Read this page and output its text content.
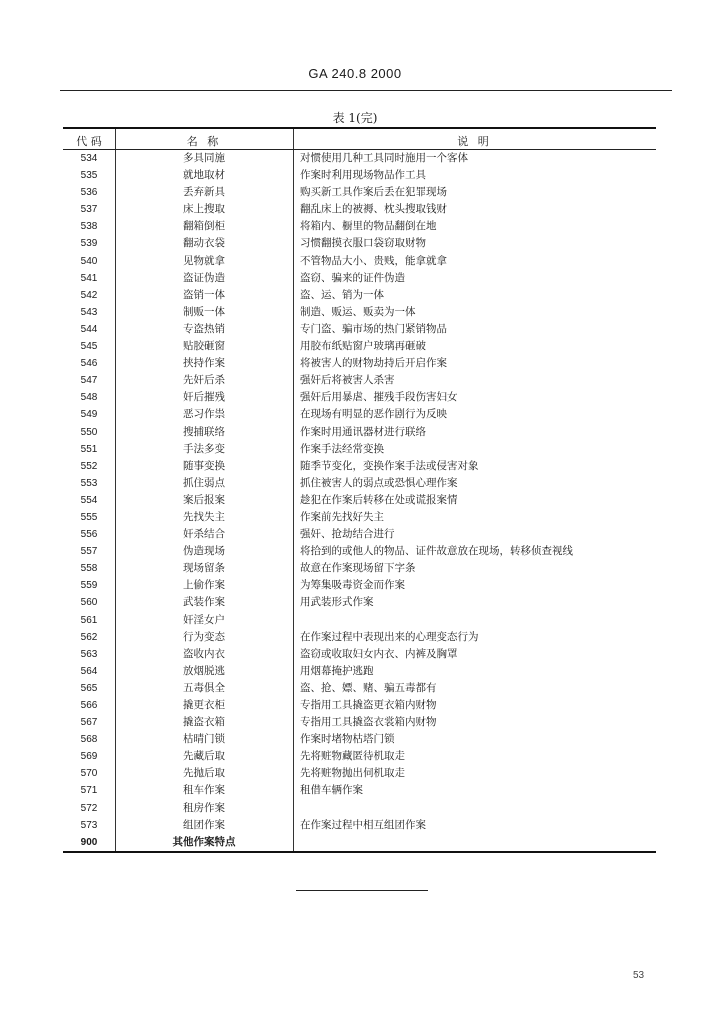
GA 240.8 2000
表 1(完)
代 码	名 称	说 明
534	多具同施	对惯使用几种工具同时施用一个客体
535	就地取材	作案时利用现场物品作工具
536	丢弃新具	购买新工具作案后丢在犯罪现场
537	床上搜取	翻乱床上的被褥、枕头搜取钱财
538	翻箱倒柜	将箱内、橱里的物品翻倒在地
539	翻动衣袋	习惯翻摸衣服口袋窃取财物
540	见物就拿	不管物品大小、贵贱，能拿就拿
541	盗证伪造	盗窃、骗来的证件伪造
542	盗销一体	盗、运、销为一体
543	制贩一体	制造、贩运、贩卖为一体
544	专盗热销	专门盗、骗市场的热门紧销物品
545	贴胶砸窗	用胶布纸贴窗户玻璃再砸破
546	挟持作案	将被害人的财物劫持后开启作案
547	先奸后杀	强奸后将被害人杀害
548	奸后摧残	强奸后用暴虐、摧残手段伤害妇女
549	恶习作祟	在现场有明显的恶作剧行为反映
550	搜捕联络	作案时用通讯器材进行联络
551	手法多变	作案手法经常变换
552	随事变换	随季节变化，变换作案手法或侵害对象
553	抓住弱点	抓住被害人的弱点或恐惧心理作案
554	案后报案	趁犯在作案后转移在处或谎报案情
555	先找失主	作案前先找好失主
556	奸杀结合	强奸、抢劫结合进行
557	伪造现场	将拾到的或他人的物品、证件故意放在现场，转移侦查视线
558	现场留条	故意在作案现场留下字条
559	上偷作案	为筹集吸毒资金而作案
560	武装作案	用武装形式作案
561	奸淫女户
562	行为变态	在作案过程中表现出来的心理变态行为
563	盗收内衣	盗窃或收取妇女内衣、内裤及胸罩
564	放烟脱逃	用烟幕掩护逃跑
565	五毒俱全	盗、抢、嫖、赌、骗五毒都有
566	撬更衣柜	专指用工具撬盗更衣箱内财物
567	撬盗衣箱	专指用工具撬盗衣裳箱内财物
568	枯晴门锁	作案时堵物枯塔门锁
569	先藏后取	先将赃物藏匿待机取走
570	先抛后取	先将赃物抛出伺机取走
571	租车作案	租借车辆作案
572	租房作案
573	组团作案	在作案过程中相互组团作案
900	其他作案特点
53
